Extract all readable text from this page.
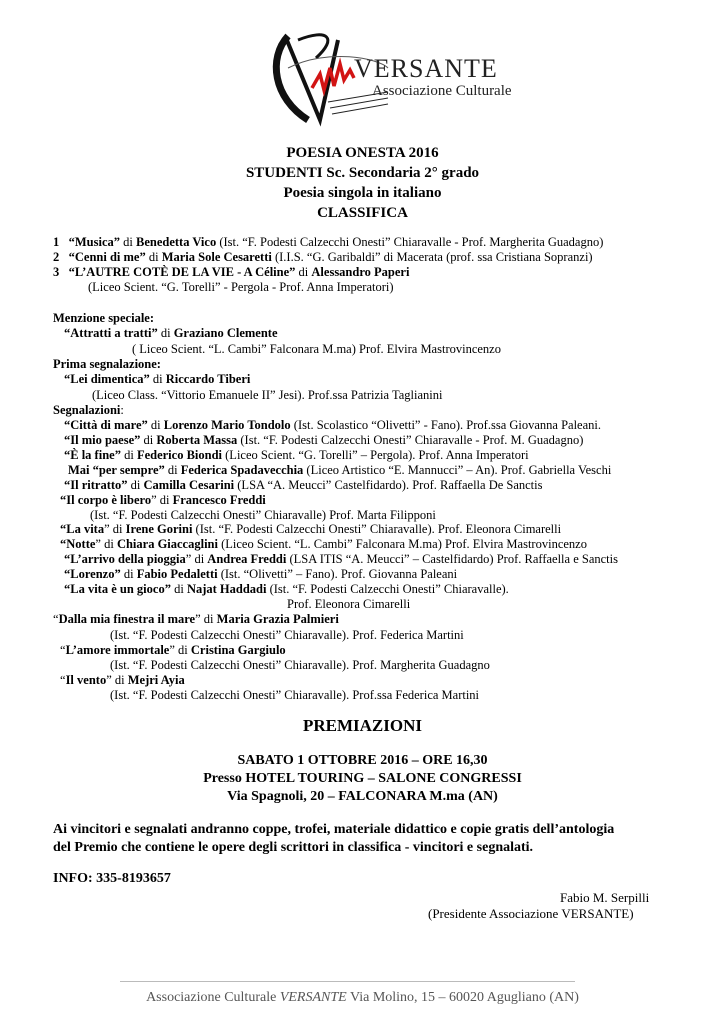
VERSANTE
Associazione Culturale
POESIA ONESTA 2016
STUDENTI Sc. Secondaria 2° grado
Poesia singola in italiano
CLASSIFICA
1 “Musica” di Benedetta Vico (Ist. “F. Podesti Calzecchi Onesti” Chiaravalle - Prof. Margherita Guadagno)
2 “Cenni di me” di Maria Sole Cesaretti (I.I.S. “G. Garibaldi” di Macerata (prof. ssa Cristiana Sopranzi)
3 “L’AUTRE COTÈ DE LA VIE - A Céline” di Alessandro Paperi
(Liceo Scient. “G. Torelli” - Pergola - Prof. Anna Imperatori)
Menzione speciale:
“Attratti a tratti” di Graziano Clemente
( Liceo Scient. “L. Cambi” Falconara M.ma) Prof. Elvira Mastrovincenzo
Prima segnalazione:
“Lei dimentica” di Riccardo Tiberi
(Liceo Class. “Vittorio Emanuele II” Jesi). Prof.ssa Patrizia Taglianini
Segnalazioni:
“Città di mare” di Lorenzo Mario Tondolo (Ist. Scolastico “Olivetti” - Fano). Prof.ssa Giovanna Paleani.
“Il mio paese” di Roberta Massa (Ist. “F. Podesti Calzecchi Onesti” Chiaravalle - Prof. M. Guadagno)
“È la fine” di Federico Biondi (Liceo Scient. “G. Torelli” – Pergola). Prof. Anna Imperatori
Mai “per sempre” di Federica Spadavecchia (Liceo Artistico “E. Mannucci” – An). Prof. Gabriella Veschi
“Il ritratto” di Camilla Cesarini (LSA “A. Meucci” Castelfidardo). Prof. Raffaella De Sanctis
“Il corpo è libero” di Francesco Freddi
(Ist. “F. Podesti Calzecchi Onesti” Chiaravalle) Prof. Marta Filipponi
“La vita” di Irene Gorini (Ist. “F. Podesti Calzecchi Onesti” Chiaravalle). Prof. Eleonora Cimarelli
“Notte” di Chiara Giaccaglini (Liceo Scient. “L. Cambi” Falconara M.ma) Prof. Elvira Mastrovincenzo
“L’arrivo della pioggia” di Andrea Freddi (LSA ITIS “A. Meucci” – Castelfidardo) Prof. Raffaella e Sanctis
“Lorenzo” di Fabio Pedaletti (Ist. “Olivetti” – Fano). Prof. Giovanna Paleani
“La vita è un gioco” di Najat Haddadi (Ist. “F. Podesti Calzecchi Onesti” Chiaravalle).
Prof. Eleonora Cimarelli
“Dalla mia finestra il mare” di Maria Grazia Palmieri
(Ist. “F. Podesti Calzecchi Onesti” Chiaravalle). Prof. Federica Martini
“L’amore immortale” di Cristina Gargiulo
(Ist. “F. Podesti Calzecchi Onesti” Chiaravalle). Prof. Margherita Guadagno
“Il vento” di Mejri Ayia
(Ist. “F. Podesti Calzecchi Onesti” Chiaravalle). Prof.ssa Federica Martini
PREMIAZIONI
SABATO 1 OTTOBRE 2016 – ORE 16,30
Presso HOTEL TOURING – SALONE CONGRESSI
Via Spagnoli, 20 – FALCONARA M.ma (AN)
Ai vincitori e segnalati andranno coppe, trofei, materiale didattico e copie gratis dell’antologia
del Premio che contiene le opere degli scrittori in classifica - vincitori e segnalati.
INFO: 335-8193657
Fabio M. Serpilli
(Presidente Associazione VERSANTE)
Associazione Culturale VERSANTE Via Molino, 15 – 60020 Agugliano (AN)
